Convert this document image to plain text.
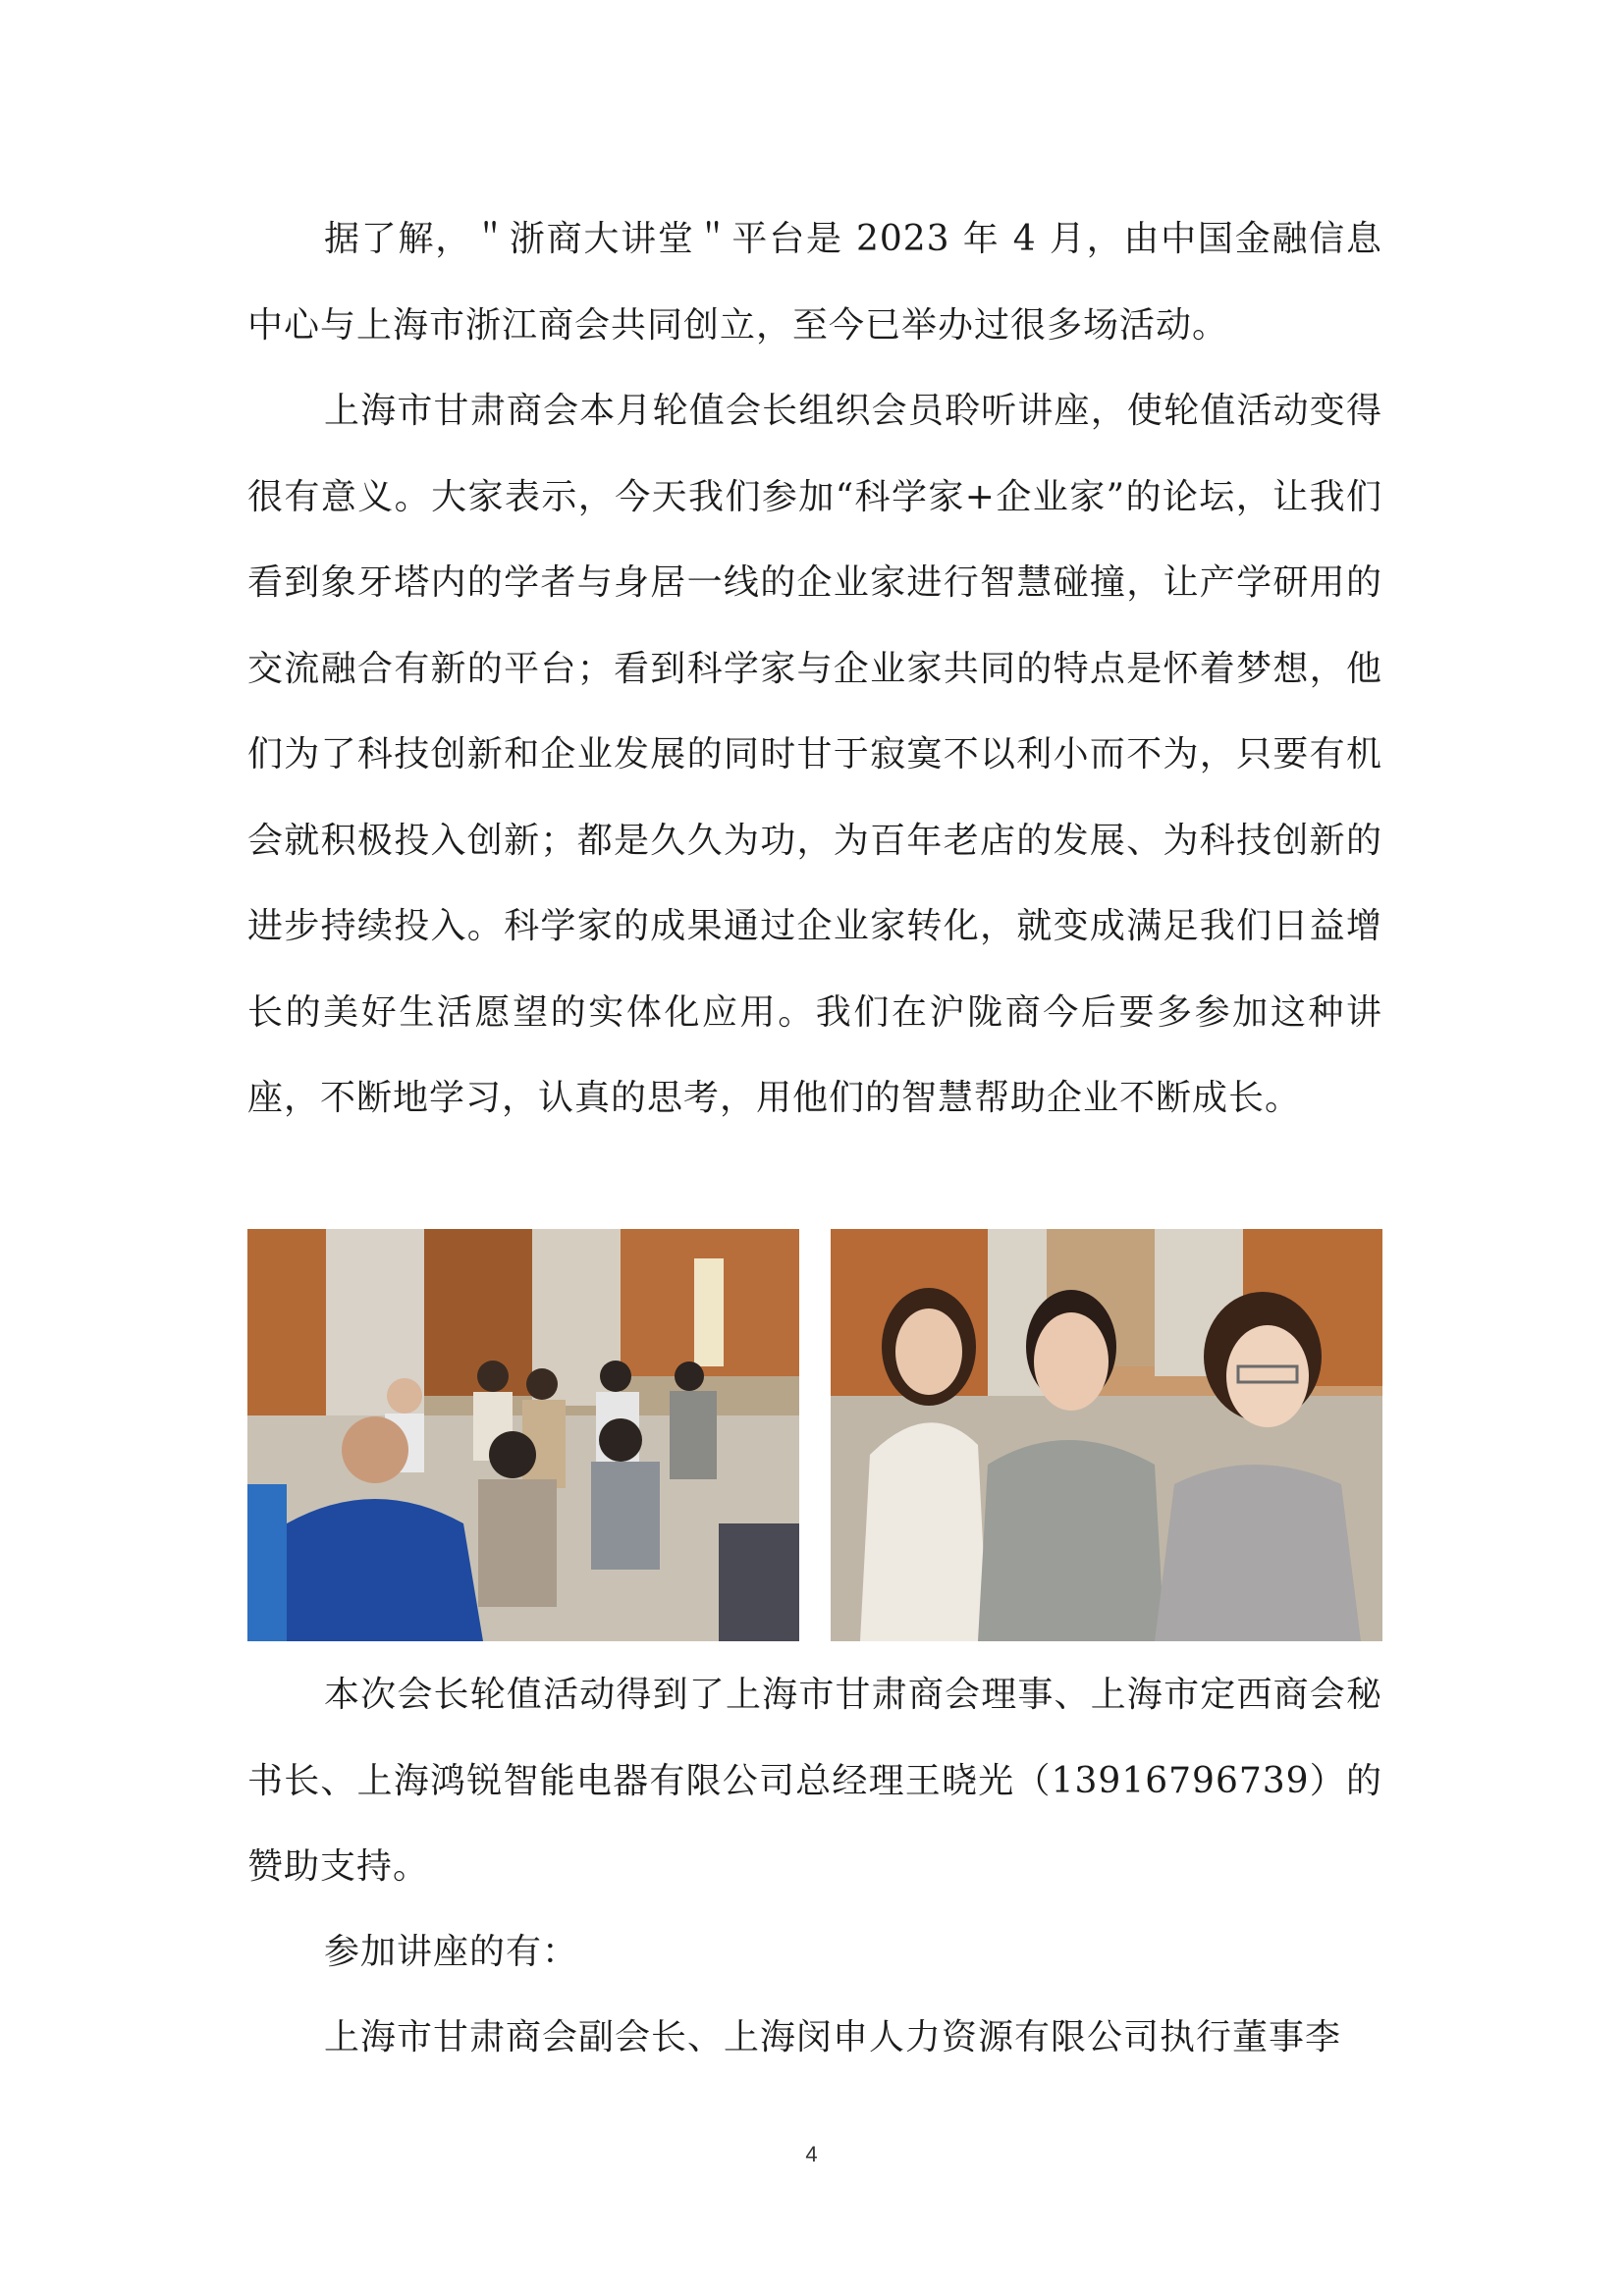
据了解，＂浙商大讲堂＂平台是 2023 年 4 月，由中国金融信息中心与上海市浙江商会共同创立，至今已举办过很多场活动。

上海市甘肃商会本月轮值会长组织会员聆听讲座，使轮值活动变得很有意义。大家表示，今天我们参加“科学家+企业家”的论坛，让我们看到象牙塔内的学者与身居一线的企业家进行智慧碰撞，让产学研用的交流融合有新的平台；看到科学家与企业家共同的特点是怀着梦想，他们为了科技创新和企业发展的同时甘于寂寞不以利小而不为，只要有机会就积极投入创新；都是久久为功，为百年老店的发展、为科技创新的进步持续投入。科学家的成果通过企业家转化，就变成满足我们日益增长的美好生活愿望的实体化应用。我们在沪陇商今后要多参加这种讲座，不断地学习，认真的思考，用他们的智慧帮助企业不断成长。

本次会长轮值活动得到了上海市甘肃商会理事、上海市定西商会秘书长、上海鸿锐智能电器有限公司总经理王晓光（13916796739）的赞助支持。

参加讲座的有：

上海市甘肃商会副会长、上海闵申人力资源有限公司执行董事李

4
